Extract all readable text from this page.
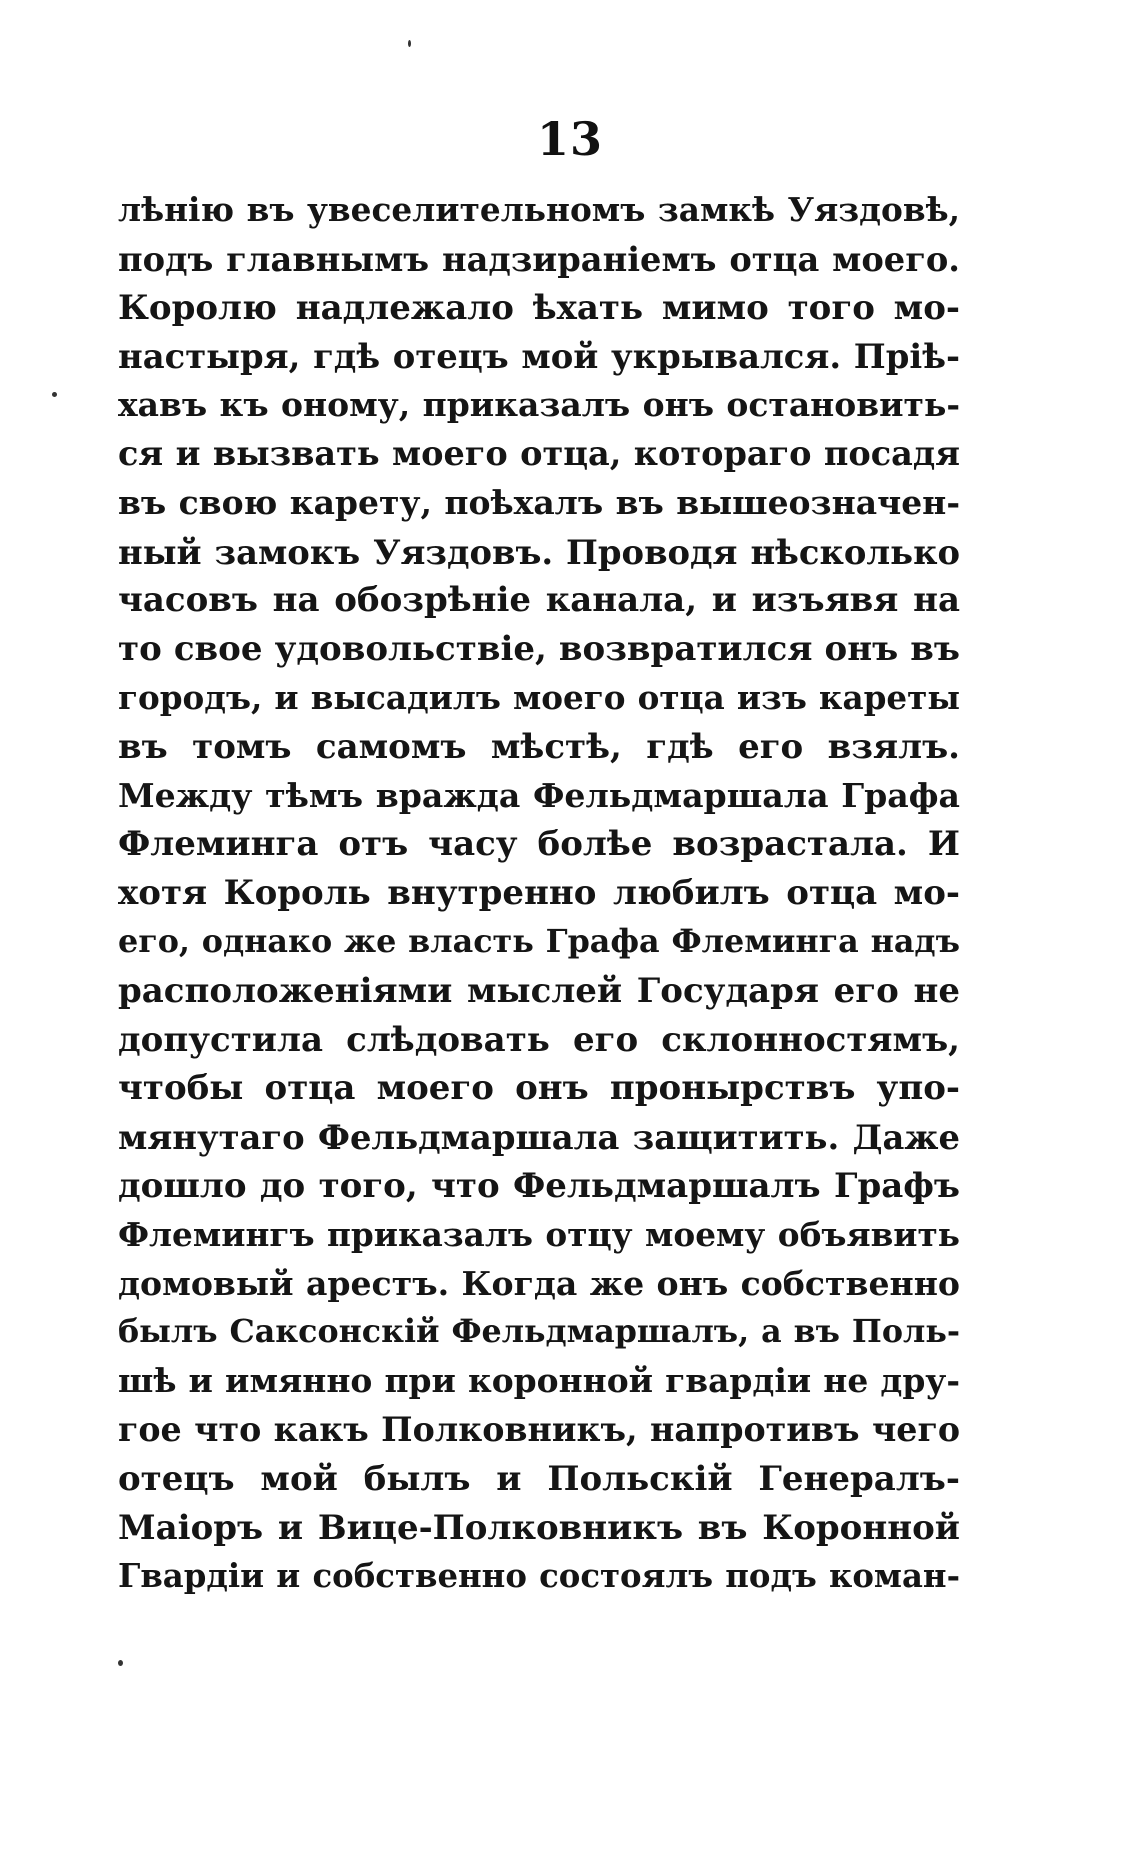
13
лѣнію въ увеселительномъ замкѣ Уяздовѣ,
подъ главнымъ надзираніемъ отца моего.
Королю надлежало ѣхать мимо того мо-
настыря, гдѣ отецъ мой укрывался. Пріѣ-
хавъ къ оному, приказалъ онъ остановить-
ся и вызвать моего отца, котораго посадя
въ свою карету, поѣхалъ въ вышеозначен-
ный замокъ Уяздовъ. Проводя нѣсколько
часовъ на обозрѣніе канала, и изъявя на
то свое удовольствіе, возвратился онъ въ
городъ, и высадилъ моего отца изъ кареты
въ томъ самомъ мѣстѣ, гдѣ его взялъ.
Между тѣмъ вражда Фельдмаршала Графа
Флеминга отъ часу болѣе возрастала. И
хотя Король внутренно любилъ отца мо-
его, однако же власть Графа Флеминга надъ
расположеніями мыслей Государя его не
допустила слѣдовать его склонностямъ,
чтобы отца моего онъ пронырствъ упо-
мянутаго Фельдмаршала защитить. Даже
дошло до того, что Фельдмаршалъ Графъ
Флемингъ приказалъ отцу моему объявить
домовый арестъ. Когда же онъ собственно
былъ Саксонскій Фельдмаршалъ, а въ Поль-
шѣ и имянно при коронной гвардіи не дру-
гое что какъ Полковникъ, напротивъ чего
отецъ мой былъ и Польскій Генералъ-
Маіоръ и Вице-Полковникъ въ Коронной
Гвардіи и собственно состоялъ подъ коман-
